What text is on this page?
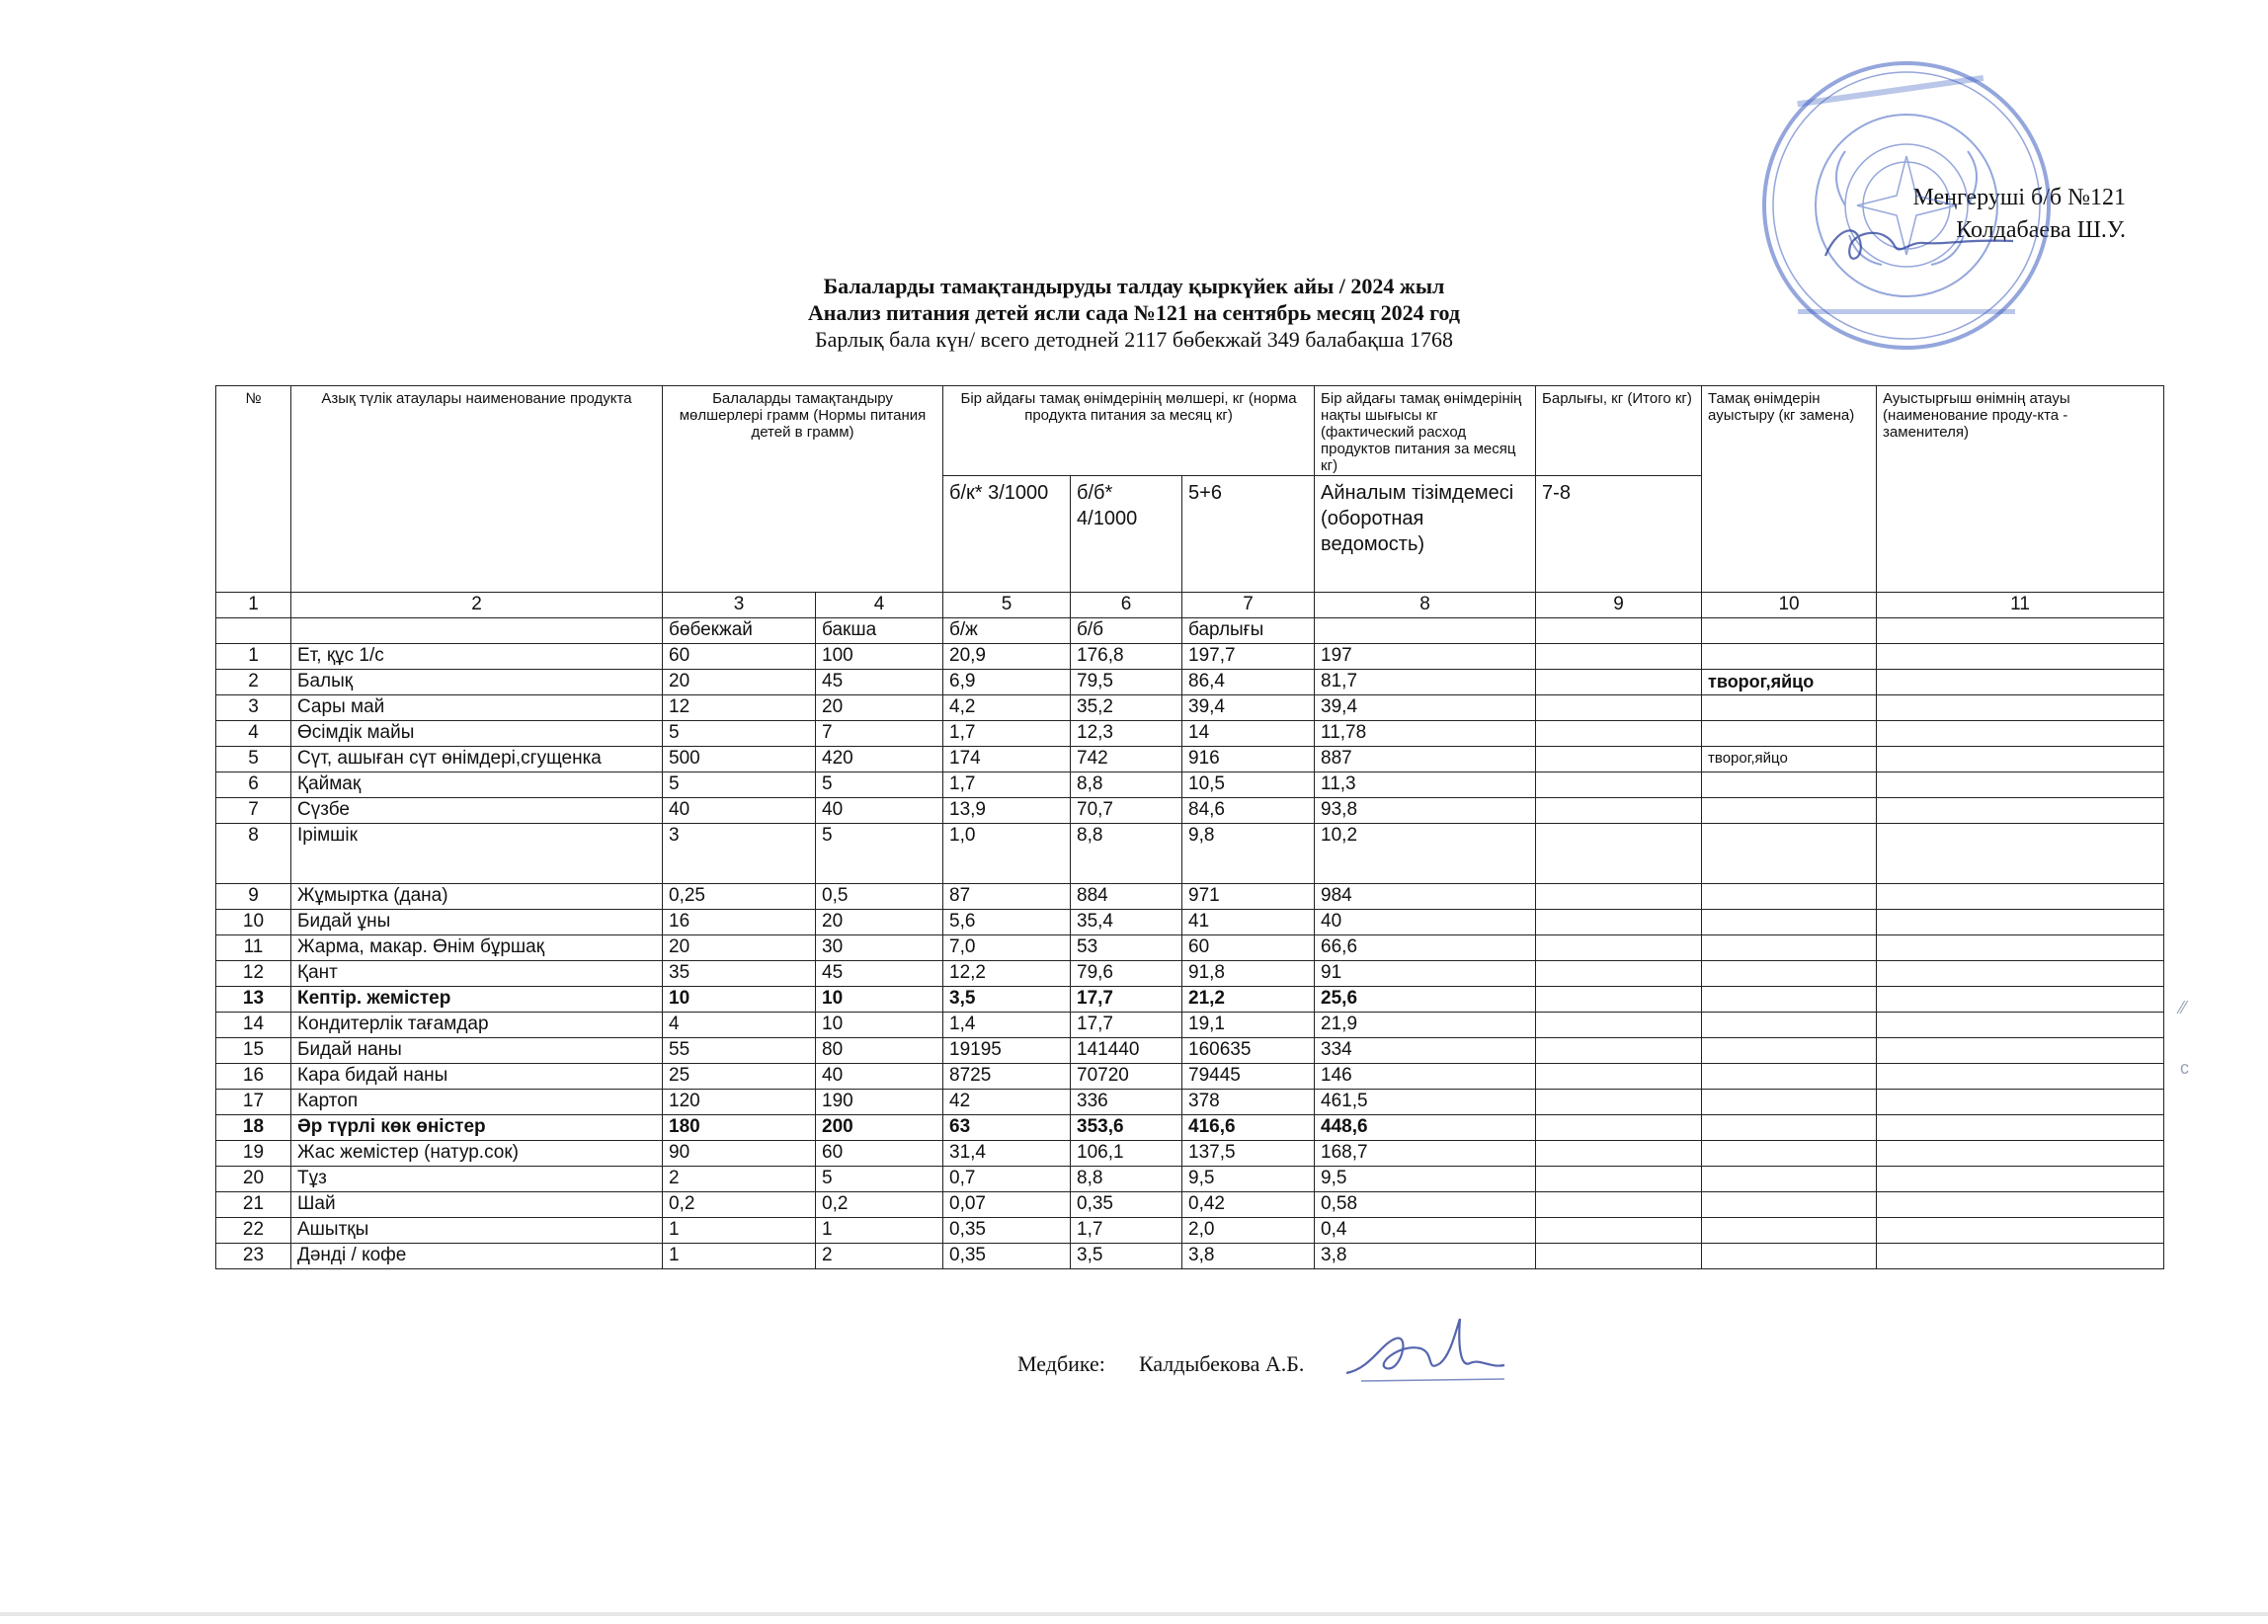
Меңгеруші б/б №121
Колдабаева Ш.У.
Балаларды тамақтандыруды талдау қыркүйек айы / 2024 жыл
Анализ питания детей ясли сада №121 на сентябрь месяц 2024 год
Барлық бала күн/ всего детодней 2117 бөбекжай 349 балабақша 1768
№	Азық түлік атаулары наименование продукта	Балаларды тамақтандыру мөлшерлері грамм (Нормы питания детей в грамм)		Бір айдағы тамақ өнімдерінің мөлшері, кг (норма продукта питания за месяц кг)			Бір айдағы тамақ өнімдерінің нақты шығысы кг (фактический расход продуктов питания за месяц кг)	Барлығы, кг (Итого кг)	Тамақ өнімдерін ауыстыру (кг замена)	Ауыстырғыш өнімнің атауы (наименование проду-кта - заменителя)
				б/к* 3/1000	б/б* 4/1000	5+6	Айналым тізімдемесі (оборотная ведомость)	7-8		
1	2	3	4	5	6	7	8	9	10	11
		бөбекжай	бакша	б/ж	б/б	барлығы				
1	Ет, құс 1/с	60	100	20,9	176,8	197,7	197			
2	Балық	20	45	6,9	79,5	86,4	81,7		творог,яйцо	
3	Сары май	12	20	4,2	35,2	39,4	39,4			
4	Өсімдік майы	5	7	1,7	12,3	14	11,78			
5	Сүт, ашыған сүт өнімдері,сгущенка	500	420	174	742	916	887		творог,яйцо	
6	Қаймақ	5	5	1,7	8,8	10,5	11,3			
7	Сүзбе	40	40	13,9	70,7	84,6	93,8			
8	Ірімшік	3	5	1,0	8,8	9,8	10,2			
9	Жұмыртка (дана)	0,25	0,5	87	884	971	984			
10	Бидай ұны	16	20	5,6	35,4	41	40			
11	Жарма, макар. Өнім бұршақ	20	30	7,0	53	60	66,6			
12	Қант	35	45	12,2	79,6	91,8	91			
13	Кептір. жемістер	10	10	3,5	17,7	21,2	25,6			
14	Кондитерлік тағамдар	4	10	1,4	17,7	19,1	21,9			
15	Бидай наны	55	80	19195	141440	160635	334			
16	Кара бидай наны	25	40	8725	70720	79445	146			
17	Картоп	120	190	42	336	378	461,5			
18	Әр түрлі көк өністер	180	200	63	353,6	416,6	448,6			
19	Жас жемістер (натур.сок)	90	60	31,4	106,1	137,5	168,7			
20	Тұз	2	5	0,7	8,8	9,5	9,5			
21	Шай	0,2	0,2	0,07	0,35	0,42	0,58			
22	Ашытқы	1	1	0,35	1,7	2,0	0,4			
23	Дәнді / кофе	1	2	0,35	3,5	3,8	3,8			
Медбике: Калдыбекова А.Б.
⁄⁄
ϲ
